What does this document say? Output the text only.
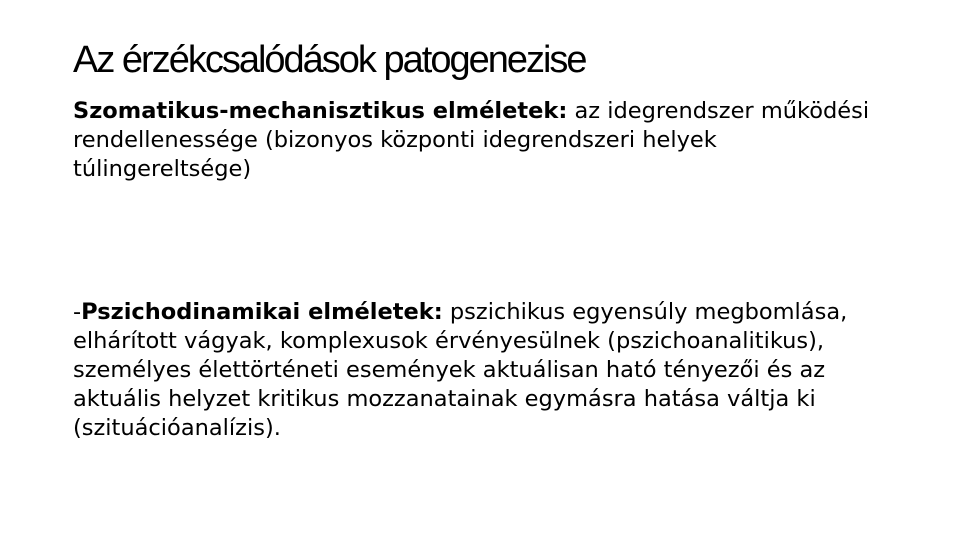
Az érzékcsalódások patogenezise

Szomatikus-mechanisztikus elméletek: az idegrendszer működési rendellenessége (bizonyos központi idegrendszeri helyek túlingereltsége)

-Pszichodinamikai elméletek: pszichikus egyensúly megbomlása, elhárított vágyak, komplexusok érvényesülnek (pszichoanalitikus), személyes élettörténeti események aktuálisan ható tényezői és az aktuális helyzet kritikus mozzanatainak egymásra hatása váltja ki (szituációanalízis).
